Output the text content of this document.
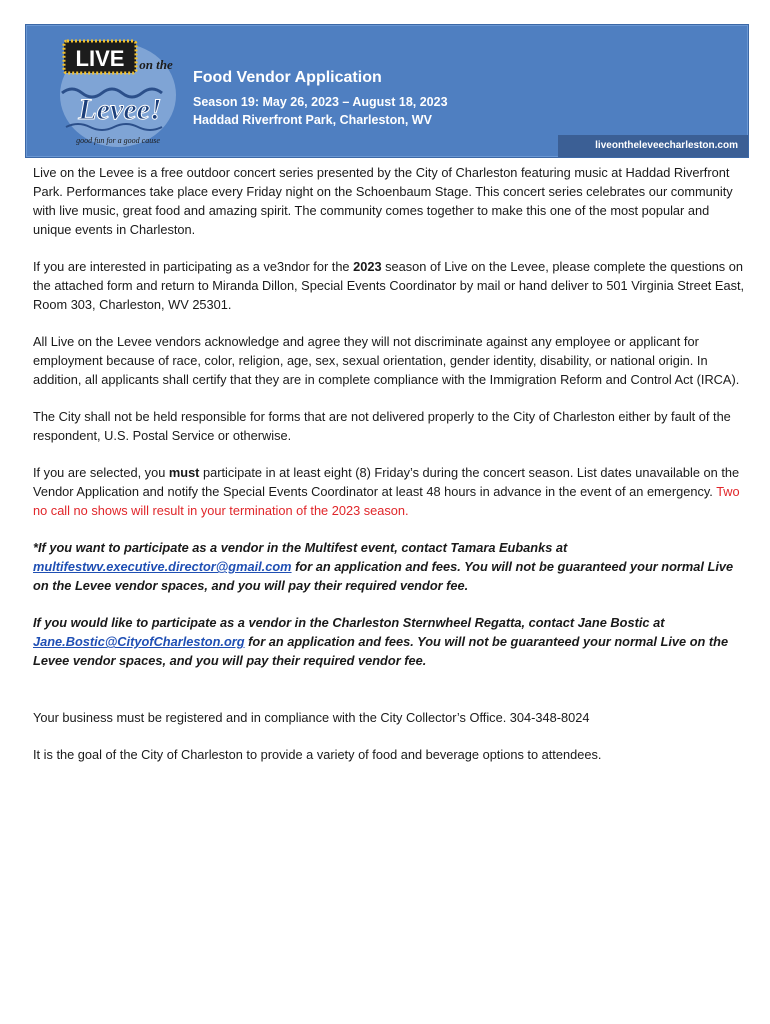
LIVE on the
Levee!
good fun for a good cause
Food Vendor Application
Season 19: May 26, 2023 – August 18, 2023
Haddad Riverfront Park, Charleston, WV
liveontheleveecharleston.com

Live on the Levee is a free outdoor concert series presented by the City of Charleston featuring music at Haddad Riverfront Park. Performances take place every Friday night on the Schoenbaum Stage. This concert series celebrates our community with live music, great food and amazing spirit. The community comes together to make this one of the most popular and unique events in Charleston.

If you are interested in participating as a ve3ndor for the 2023 season of Live on the Levee, please complete the questions on the attached form and return to Miranda Dillon, Special Events Coordinator by mail or hand deliver to 501 Virginia Street East, Room 303, Charleston, WV 25301.

All Live on the Levee vendors acknowledge and agree they will not discriminate against any employee or applicant for employment because of race, color, religion, age, sex, sexual orientation, gender identity, disability, or national origin. In addition, all applicants shall certify that they are in complete compliance with the Immigration Reform and Control Act (IRCA).

The City shall not be held responsible for forms that are not delivered properly to the City of Charleston either by fault of the respondent, U.S. Postal Service or otherwise.

If you are selected, you must participate in at least eight (8) Friday’s during the concert season. List dates unavailable on the Vendor Application and notify the Special Events Coordinator at least 48 hours in advance in the event of an emergency. Two no call no shows will result in your termination of the 2023 season.

*If you want to participate as a vendor in the Multifest event, contact Tamara Eubanks at multifestwv.executive.director@gmail.com for an application and fees. You will not be guaranteed your normal Live on the Levee vendor spaces, and you will pay their required vendor fee.

If you would like to participate as a vendor in the Charleston Sternwheel Regatta, contact Jane Bostic at Jane.Bostic@CityofCharleston.org for an application and fees. You will not be guaranteed your normal Live on the Levee vendor spaces, and you will pay their required vendor fee.

Your business must be registered and in compliance with the City Collector’s Office. 304-348-8024

It is the goal of the City of Charleston to provide a variety of food and beverage options to attendees.
